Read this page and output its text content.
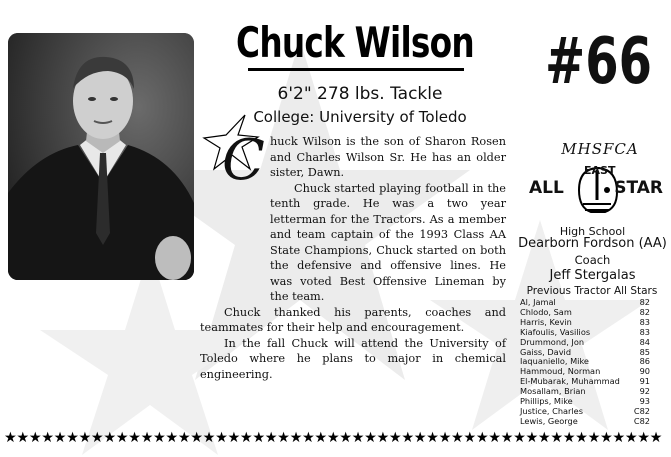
Chuck Wilson
6'2" 278 lbs. Tackle
College: University of Toledo
#66
C huck Wilson is the son of Sharon Rosen and Charles Wilson Sr. He has an older sister, Dawn.

Chuck started playing football in the tenth grade. He was a two year letterman for the Tractors. As a member and team captain of the 1993 Class AA State Champions, Chuck started on both the defensive and offensive lines. He was voted Best Offensive Lineman by the team.

Chuck thanked his parents, coaches and teammates for their help and encouragement.

In the fall Chuck will attend the University of Toledo where he plans to major in chemical engineering.

MHSFCA
EAST
ALL	STAR
High School
Dearborn Fordson (AA)
Coach
Jeff Stergalas
Previous Tractor All Stars
Al, Jamal	82
Chlodo, Sam	82
Harris, Kevin	83
Kiafoulis, Vasilios	83
Drummond, Jon	84
Gaiss, David	85
Iaquaniello, Mike	86
Hammoud, Norman	90
El-Mubarak, Muhammad 91
Mosallam, Brian	92
Phillips, Mike	93
Justice, Charles	C82
Lewis, George	C82
★★★★★★★★★★★★★★★★★★★★★★★★★★★★★★★★★★★★★★★★★★★★★★★★★★★★★
